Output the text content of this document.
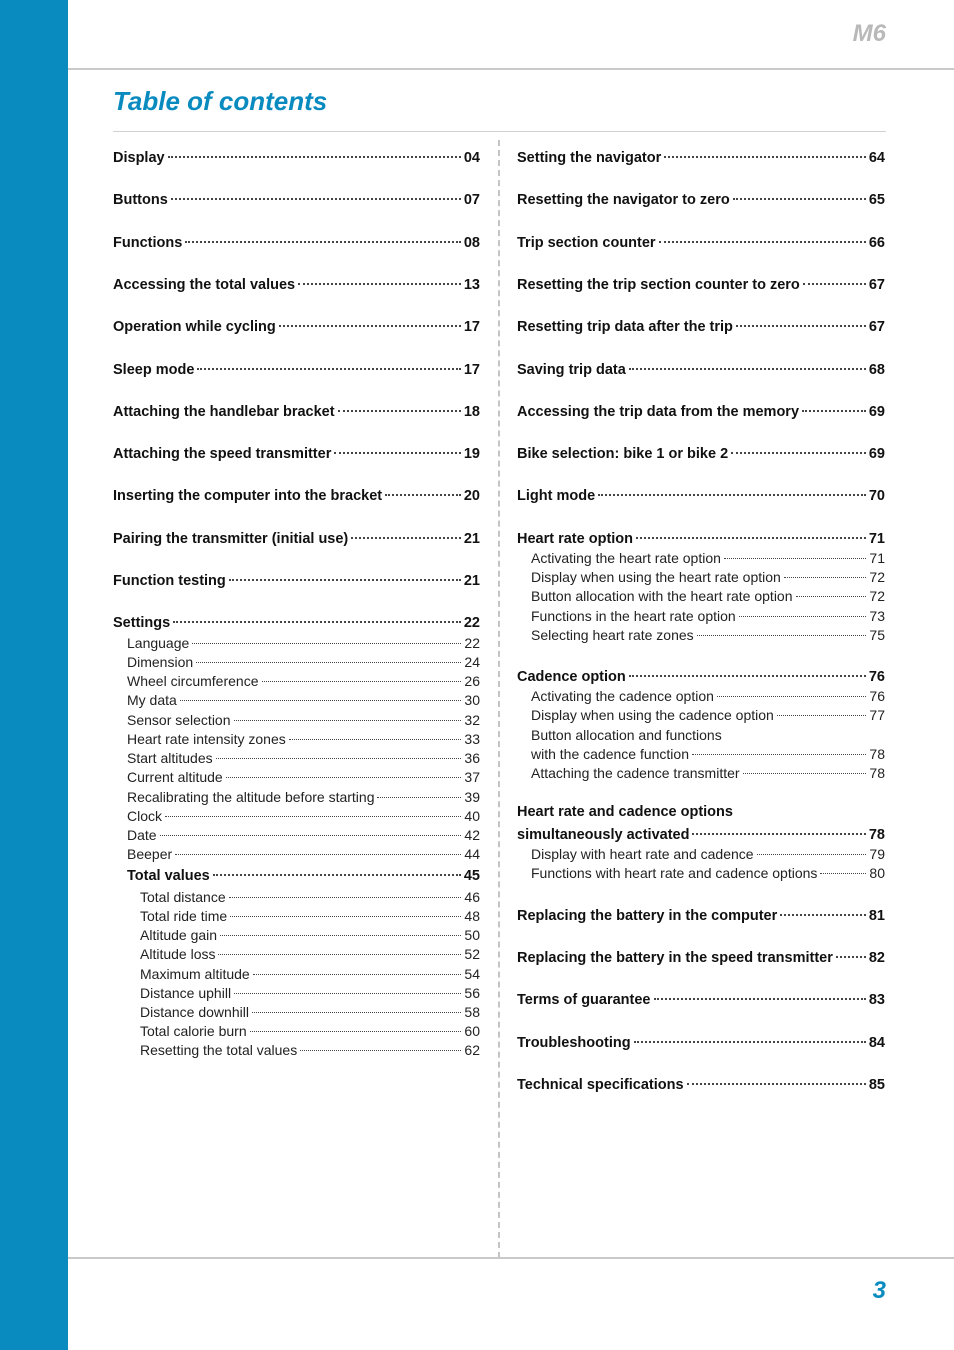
M6
Table of contents
Display	04
Buttons	07
Functions	08
Accessing the total values	13
Operation while cycling	17
Sleep mode	17
Attaching the handlebar bracket	18
Attaching the speed transmitter	19
Inserting the computer into the bracket	20
Pairing the transmitter (initial use)	21
Function testing	21
Settings	22
Language	22
Dimension	24
Wheel circumference	26
My data	30
Sensor selection	32
Heart rate intensity zones	33
Start altitudes	36
Current altitude	37
Recalibrating the altitude before starting	39
Clock	40
Date	42
Beeper	44
Total values	45
Total distance	46
Total ride time	48
Altitude gain	50
Altitude loss	52
Maximum altitude	54
Distance uphill	56
Distance downhill	58
Total calorie burn	60
Resetting the total values	62
Setting the navigator	64
Resetting the navigator to zero	65
Trip section counter	66
Resetting the trip section counter to zero	67
Resetting trip data after the trip	67
Saving trip data	68
Accessing the trip data from the memory	69
Bike selection: bike 1 or bike 2	69
Light mode	70
Heart rate option	71
Activating the heart rate option	71
Display when using the heart rate option	72
Button allocation with the heart rate option	72
Functions in the heart rate option	73
Selecting heart rate zones	75
Cadence option	76
Activating the cadence option	76
Display when using the cadence option	77
Button allocation and functions
with the cadence function	78
Attaching the cadence transmitter	78
Heart rate and cadence options
simultaneously activated	78
Display with heart rate and cadence	79
Functions with heart rate and cadence options	80
Replacing the battery in the computer	81
Replacing the battery in the speed transmitter 82
Terms of guarantee	83
Troubleshooting	84
Technical specifications	85
3
